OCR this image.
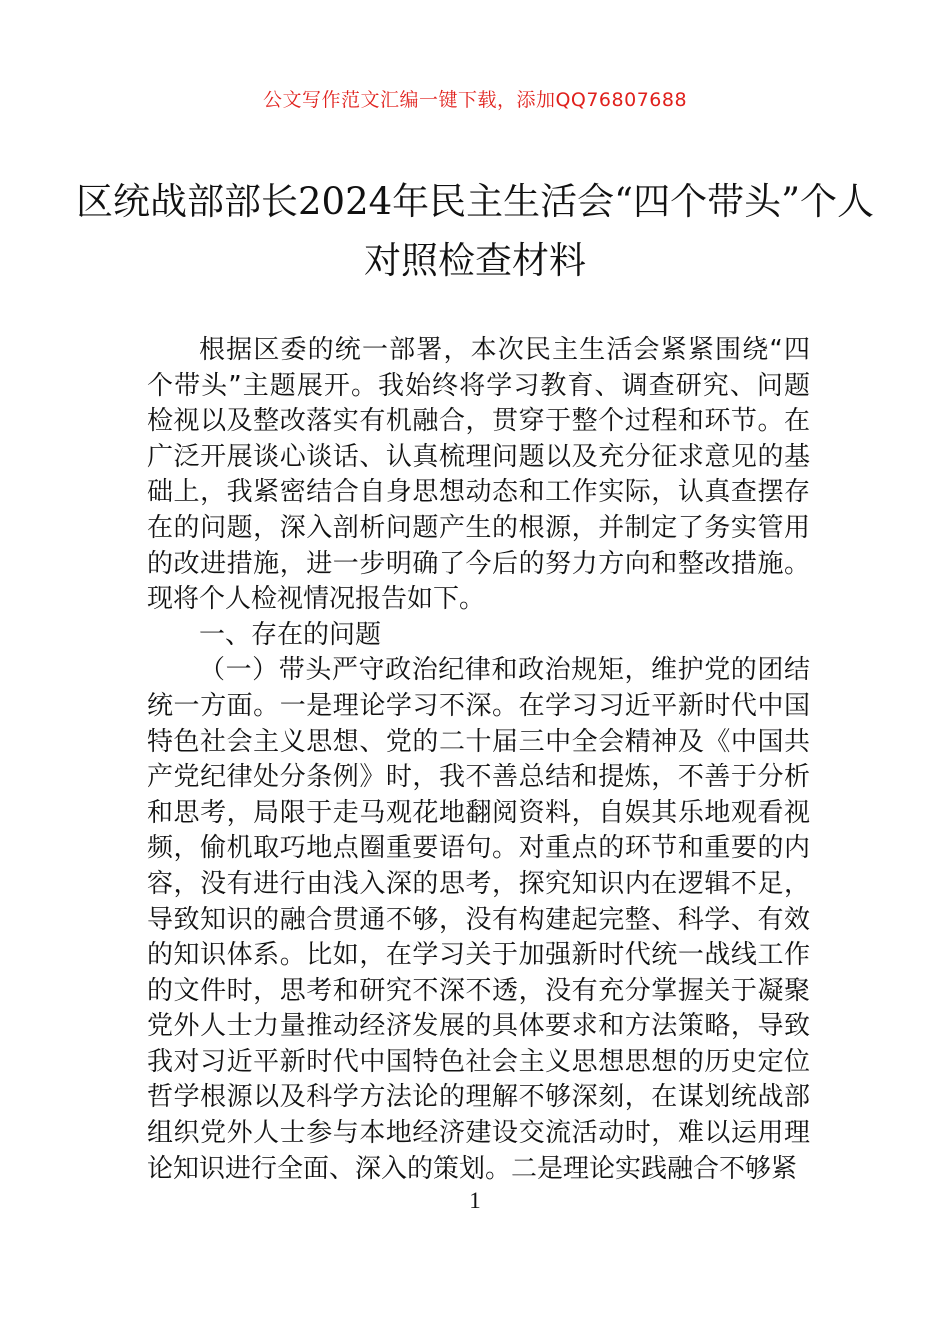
公文写作范文汇编一键下载，添加QQ76807688
区统战部部长2024年民主生活会“四个带头”个人对照检查材料

根据区委的统一部署，本次民主生活会紧紧围绕“四个带头”主题展开。我始终将学习教育、调查研究、问题检视以及整改落实有机融合，贯穿于整个过程和环节。在广泛开展谈心谈话、认真梳理问题以及充分征求意见的基础上，我紧密结合自身思想动态和工作实际，认真查摆存在的问题，深入剖析问题产生的根源，并制定了务实管用的改进措施，进一步明确了今后的努力方向和整改措施。现将个人检视情况报告如下。

一、存在的问题

（一）带头严守政治纪律和政治规矩，维护党的团结统一方面。一是理论学习不深。在学习习近平新时代中国特色社会主义思想、党的二十届三中全会精神及《中国共产党纪律处分条例》时，我不善总结和提炼，不善于分析和思考，局限于走马观花地翻阅资料，自娱其乐地观看视频，偷机取巧地点圈重要语句。对重点的环节和重要的内容，没有进行由浅入深的思考，探究知识内在逻辑不足，导致知识的融合贯通不够，没有构建起完整、科学、有效的知识体系。比如，在学习关于加强新时代统一战线工作的文件时，思考和研究不深不透，没有充分掌握关于凝聚党外人士力量推动经济发展的具体要求和方法策略，导致我对习近平新时代中国特色社会主义思想思想的历史定位哲学根源以及科学方法论的理解不够深刻，在谋划统战部组织党外人士参与本地经济建设交流活动时，难以运用理论知识进行全面、深入的策划。二是理论实践融合不够紧

1
